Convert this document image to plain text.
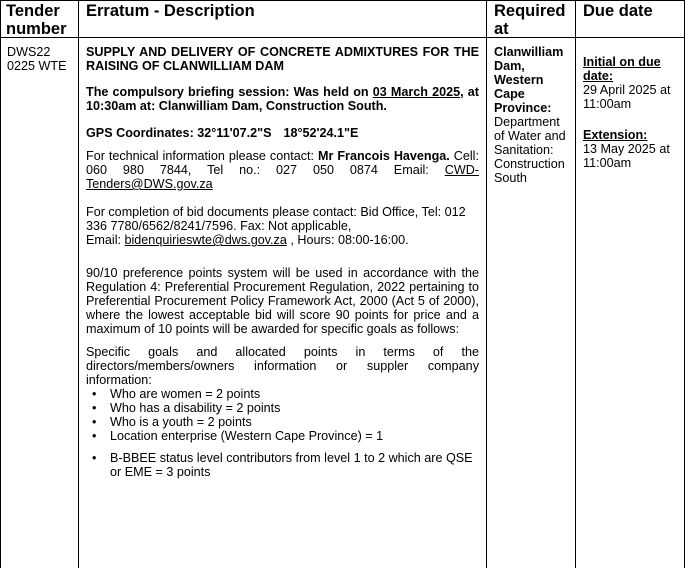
Tender number
Erratum - Description	Required at
Due date
DWS22 0225 WTE

SUPPLY AND DELIVERY OF CONCRETE ADMIXTURES FOR THE RAISING OF CLANWILLIAM DAM

The compulsory briefing session: Was held on 03 March 2025, at 10:30am at: Clanwilliam Dam, Construction South.

GPS Coordinates: 32°11'07.2"S 18°52'24.1"E

For technical information please contact: Mr Francois Havenga. Cell: 060 980 7844, Tel no.: 027 050 0874 Email: CWD-Tenders@DWS.gov.za

For completion of bid documents please contact: Bid Office, Tel: 012 336 7780/6562/8241/7596. Fax: Not applicable,
Email: bidenquirieswte@dws.gov.za , Hours: 08:00-16:00.

90/10 preference points system will be used in accordance with the Regulation 4: Preferential Procurement Regulation, 2022 pertaining to Preferential Procurement Policy Framework Act, 2000 (Act 5 of 2000), where the lowest acceptable bid will score 90 points for price and a maximum of 10 points will be awarded for specific goals as follows:

Specific goals and allocated points in terms of the directors/members/owners information or suppler company information:

• Who are women = 2 points
• Who has a disability = 2 points
• Who is a youth = 2 points
• Location enterprise (Western Cape Province) = 1
• B-BBEE status level contributors from level 1 to 2 which are QSE or EME = 3 points
Clanwilliam Dam, Western Cape Province: Department of Water and Sanitation: Construction South

Initial on due date:

29 April 2025 at 11:00am

Extension:

13 May 2025 at 11:00am
